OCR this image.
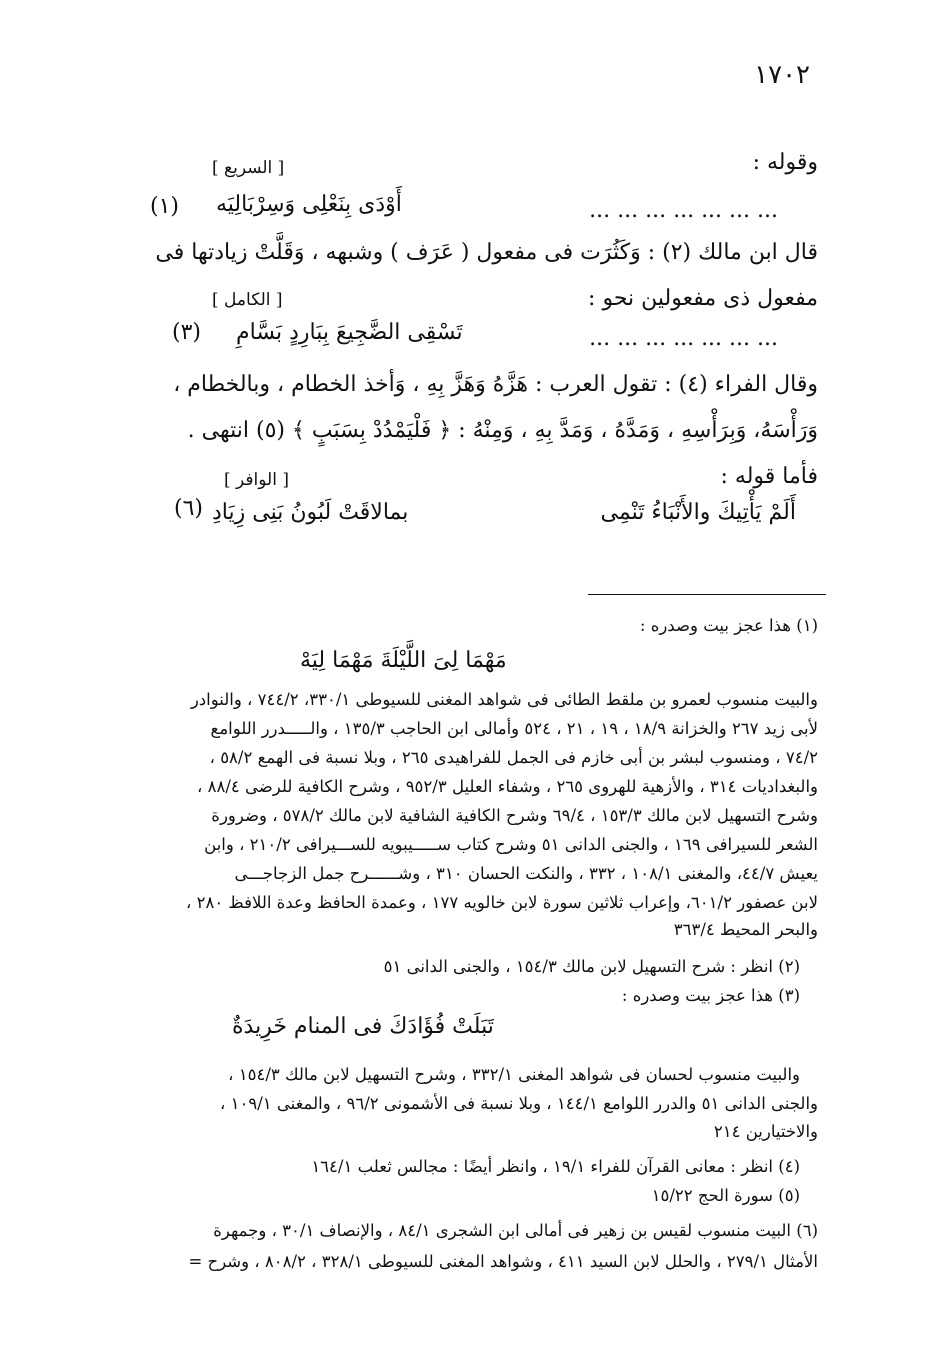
١٧٠٢
وقوله :
[ السريع ]
(١) أَوْدَى بِنَعْلِى وَسِرْبَالِيَه	... ... ... ... ... ... ...
قال ابن مالك (٢) : وَكَثُرَت فى مفعول ( عَرَف ) وشبهه ، وَقَلَّتْ زيادتها فى
مفعول ذى مفعولين نحو :
[ الكامل ]
(٣) تَسْقِى الضَّجِيعَ بِبَارِدٍ بَسَّامِ	... ... ... ... ... ... ...
وقال الفراء (٤) : تقول العرب : هَزَّهُ وَهَزَّ بِهِ ، وَأخذ الخطام ، وبالخطام ،
وَرَأْسَهُ، وَبِرَأْسِهِ ، وَمَدَّهُ ، وَمَدَّ بِهِ ، وَمِنْهُ : ﴿ فَلْيَمْدُدْ بِسَبَبٍ ﴾ (٥) انتهى .
فأما قوله :
[ الوافر ]
(٦) بمالاقَتْ لَبُونُ بَنِى زِيَادِ	أَلَمْ يَأْتِيكَ والأَنْبَاءُ تَنْمِى
(١) هذا عجز بيت وصدره :
مَهْمَا لِىَ اللَّيْلَةَ مَهْمَا لِيَهْ
والبيت منسوب لعمرو بن ملقط الطائى فى شواهد المغنى للسيوطى ٣٣٠/١، ٧٤٤/٢ ، والنوادر
لأبى زيد ٢٦٧ والخزانة ١٨/٩ ، ١٩ ، ٢١ ، ٥٢٤ وأمالى ابن الحاجب ١٣٥/٣ ، والـــــدرر اللوامع
٧٤/٢ ، ومنسوب لبشر بن أبى خازم فى الجمل للفراهيدى ٢٦٥ ، وبلا نسبة فى الهمع ٥٨/٢ ،
والبغداديات ٣١٤ ، والأزهية للهروى ٢٦٥ ، وشفاء العليل ٩٥٢/٣ ، وشرح الكافية للرضى ٨٨/٤ ،
وشرح التسهيل لابن مالك ١٥٣/٣ ، ٦٩/٤ وشرح الكافية الشافية لابن مالك ٥٧٨/٢ ، وضرورة
الشعر للسيرافى ١٦٩ ، والجنى الدانى ٥١ وشرح كتاب ســـــيبويه للســـيرافى ٢١٠/٢ ، وابن
يعيش ٤٤/٧، والمغنى ١٠٨/١ ، ٣٣٢ ، والنكت الحسان ٣١٠ ، وشــــــرح جمل الزجاجـــى
لابن عصفور ٦٠١/٢، وإعراب ثلاثين سورة لابن خالويه ١٧٧ ، وعمدة الحافظ وعدة اللافظ ٢٨٠ ،
والبحر المحيط ٣٦٣/٤
(٢) انظر : شرح التسهيل لابن مالك ١٥٤/٣ ، والجنى الدانى ٥١
(٣) هذا عجز بيت وصدره :
تَبَلَتْ فُؤَادَكَ فى المنام خَرِيدَةٌ
والبيت منسوب لحسان فى شواهد المغنى ٣٣٢/١ ، وشرح التسهيل لابن مالك ١٥٤/٣ ،
والجنى الدانى ٥١ والدرر اللوامع ١٤٤/١ ، وبلا نسبة فى الأشمونى ٩٦/٢ ، والمغنى ١٠٩/١ ،
والاختيارين ٢١٤
(٤) انظر : معانى القرآن للفراء ١٩/١ ، وانظر أيضًا : مجالس ثعلب ١٦٤/١
(٥) سورة الحج ١٥/٢٢
(٦) البيت منسوب لقيس بن زهير فى أمالى ابن الشجرى ٨٤/١ ، والإنصاف ٣٠/١ ، وجمهرة
الأمثال ٢٧٩/١ ، والحلل لابن السيد ٤١١ ، وشواهد المغنى للسيوطى ٣٢٨/١ ، ٨٠٨/٢ ، وشرح =
